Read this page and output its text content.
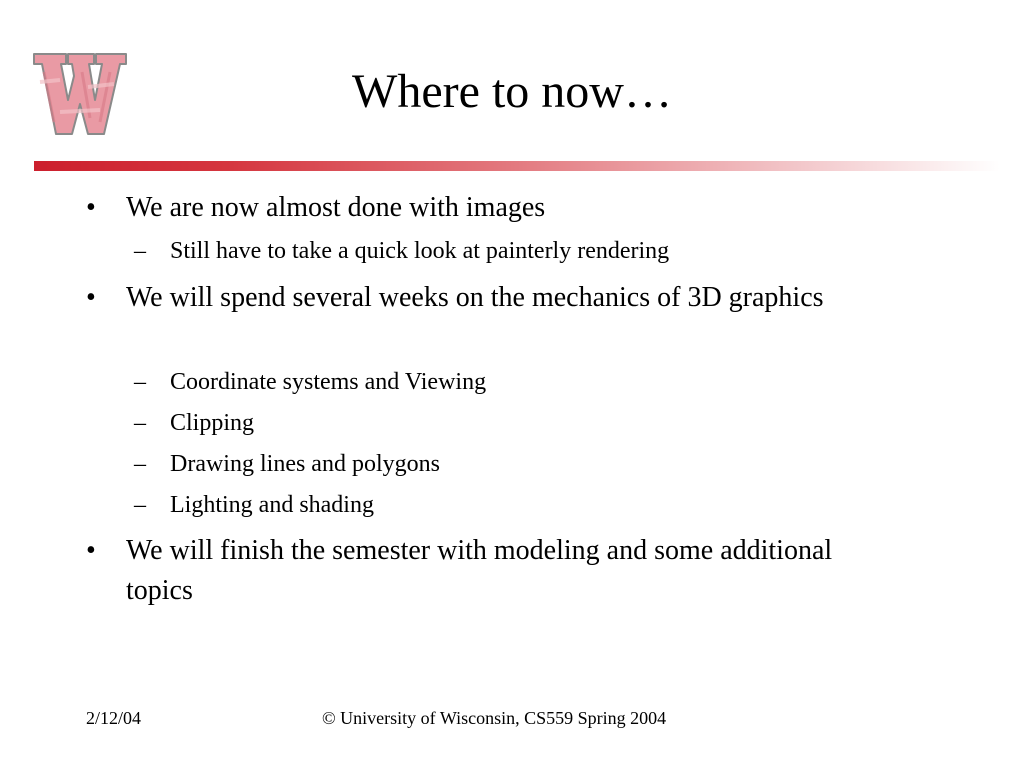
Where to now…
• We are now almost done with images
– Still have to take a quick look at painterly rendering
• We will spend several weeks on the mechanics of 3D graphics
– Coordinate systems and Viewing
– Clipping
– Drawing lines and polygons
– Lighting and shading
• We will finish the semester with modeling and some additional topics
2/12/04	© University of Wisconsin, CS559 Spring 2004
